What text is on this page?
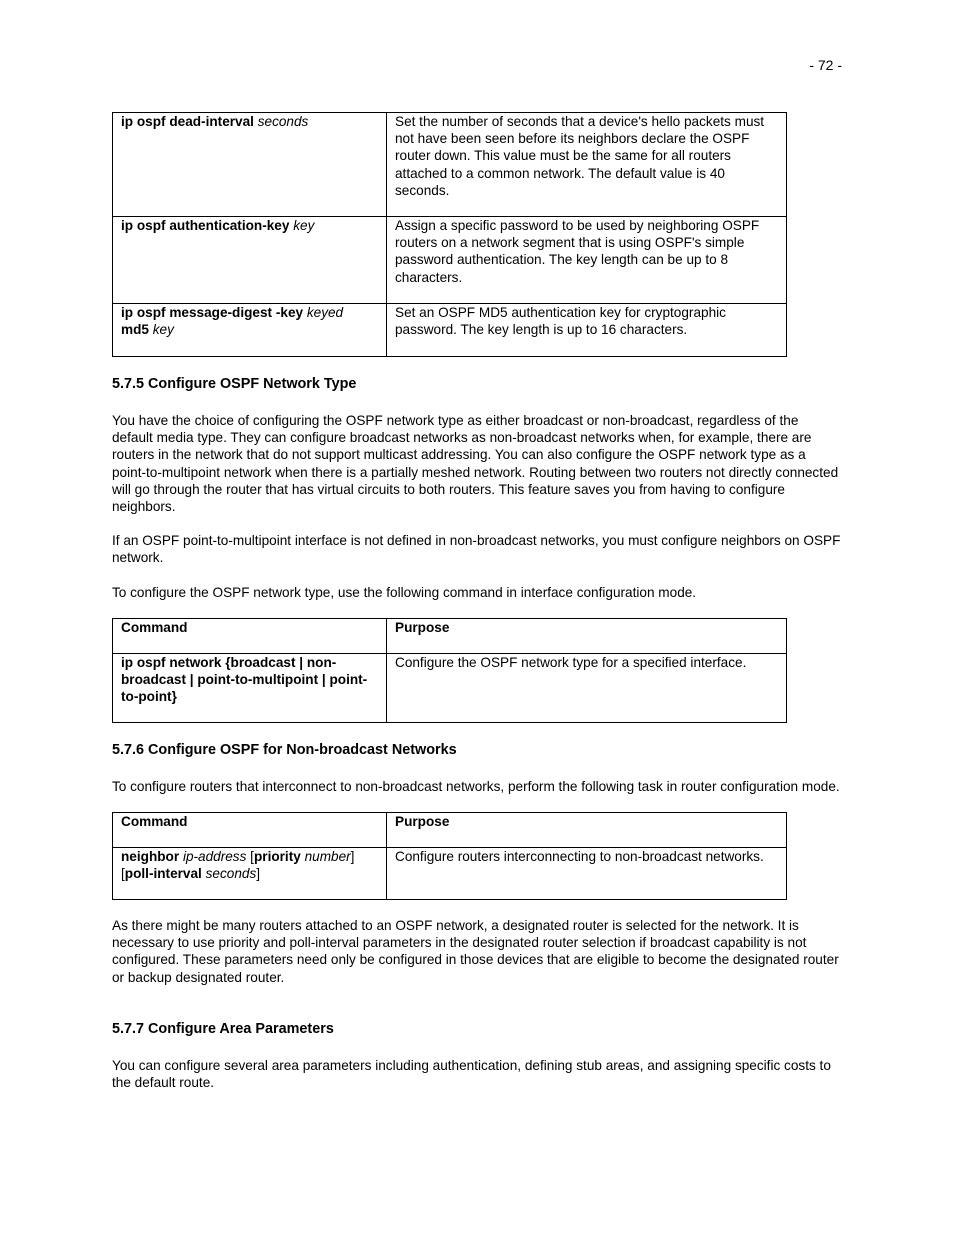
- 72 -
ip ospf dead-interval seconds	Set the number of seconds that a device's hello packets must not have been seen before its neighbors declare the OSPF router down. This value must be the same for all routers attached to a common network. The default value is 40 seconds.
ip ospf authentication-key key	Assign a specific password to be used by neighboring OSPF routers on a network segment that is using OSPF's simple password authentication. The key length can be up to 8 characters.
ip ospf message-digest -key keyed
md5 key	Set an OSPF MD5 authentication key for cryptographic password. The key length is up to 16 characters.
5.7.5 Configure OSPF Network Type

You have the choice of configuring the OSPF network type as either broadcast or non-broadcast, regardless of the default media type. They can configure broadcast networks as non-broadcast networks when, for example, there are routers in the network that do not support multicast addressing. You can also configure the OSPF network type as a point-to-multipoint network when there is a partially meshed network. Routing between two routers not directly connected will go through the router that has virtual circuits to both routers. This feature saves you from having to configure neighbors.

If an OSPF point-to-multipoint interface is not defined in non-broadcast networks, you must configure neighbors on OSPF network.

To configure the OSPF network type, use the following command in interface configuration mode.

Command	Purpose
ip ospf network {broadcast | non-broadcast | point-to-multipoint | point-to-point}	Configure the OSPF network type for a specified interface.
5.7.6 Configure OSPF for Non-broadcast Networks

To configure routers that interconnect to non-broadcast networks, perform the following task in router configuration mode.

Command	Purpose
neighbor ip-address [priority number]
[poll-interval seconds]	Configure routers interconnecting to non-broadcast networks.

As there might be many routers attached to an OSPF network, a designated router is selected for the network. It is necessary to use priority and poll-interval parameters in the designated router selection if broadcast capability is not configured. These parameters need only be configured in those devices that are eligible to become the designated router or backup designated router.

5.7.7 Configure Area Parameters

You can configure several area parameters including authentication, defining stub areas, and assigning specific costs to the default route.
